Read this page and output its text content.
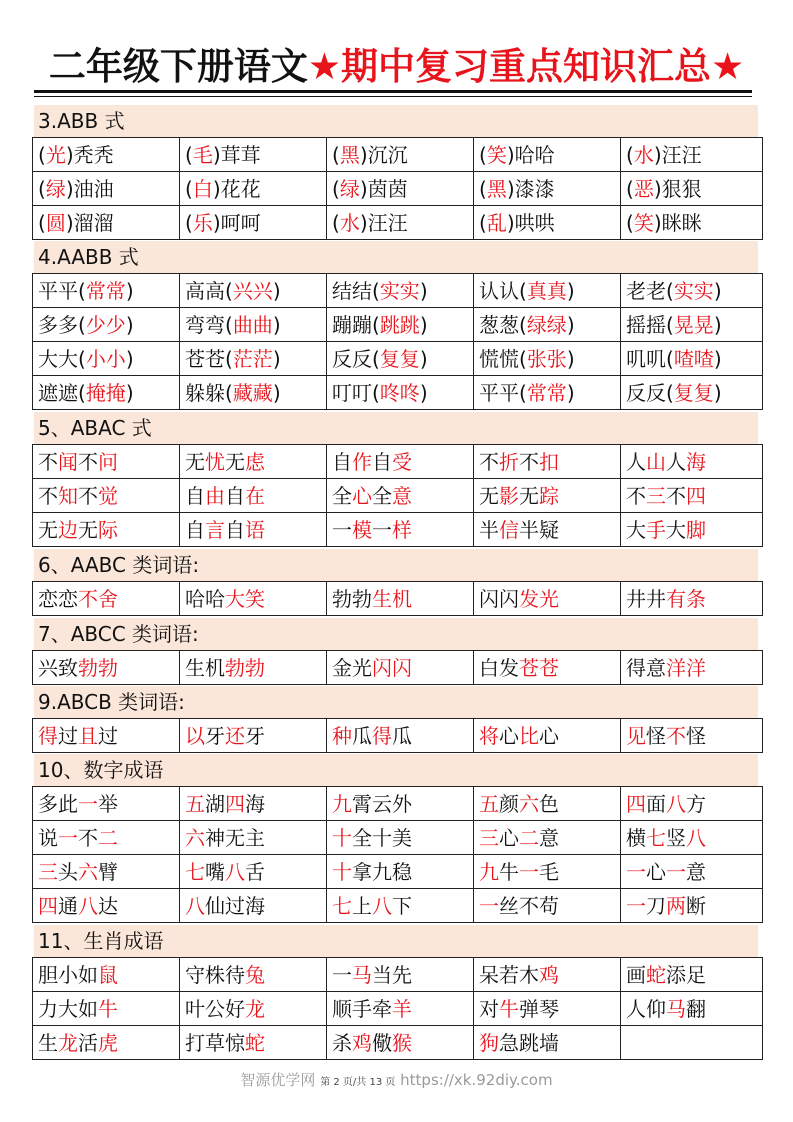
二年级下册语文★期中复习重点知识汇总★
3.ABB 式
(光)秃秃	(毛)茸茸	(黑)沉沉	(笑)哈哈	(水)汪汪
(绿)油油	(白)花花	(绿)茵茵	(黑)漆漆	(恶)狠狠
(圆)溜溜	(乐)呵呵	(水)汪汪	(乱)哄哄	(笑)眯眯
4.AABB 式
平平(常常)	高高(兴兴)	结结(实实)	认认(真真)	老老(实实)
多多(少少)	弯弯(曲曲)	蹦蹦(跳跳)	葱葱(绿绿)	摇摇(晃晃)
大大(小小)	苍苍(茫茫)	反反(复复)	慌慌(张张)	叽叽(喳喳)
遮遮(掩掩)	躲躲(藏藏)	叮叮(咚咚)	平平(常常)	反反(复复)
5、ABAC 式
不闻不问	无忧无虑	自作自受	不折不扣	人山人海
不知不觉	自由自在	全心全意	无影无踪	不三不四
无边无际	自言自语	一模一样	半信半疑	大手大脚
6、AABC 类词语:
恋恋不舍	哈哈大笑	勃勃生机	闪闪发光	井井有条
7、ABCC 类词语:
兴致勃勃	生机勃勃	金光闪闪	白发苍苍	得意洋洋
9.ABCB 类词语:
得过且过	以牙还牙	种瓜得瓜	将心比心	见怪不怪
10、数字成语
多此一举	五湖四海	九霄云外	五颜六色	四面八方
说一不二	六神无主	十全十美	三心二意	横七竖八
三头六臂	七嘴八舌	十拿九稳	九牛一毛	一心一意
四通八达	八仙过海	七上八下	一丝不苟	一刀两断
11、生肖成语
胆小如鼠	守株待兔	一马当先	呆若木鸡	画蛇添足
力大如牛	叶公好龙	顺手牵羊	对牛弹琴	人仰马翻
生龙活虎	打草惊蛇	杀鸡儆猴	狗急跳墙	
智源优学网 第 2 页/共 13 页 https://xk.92diy.com
